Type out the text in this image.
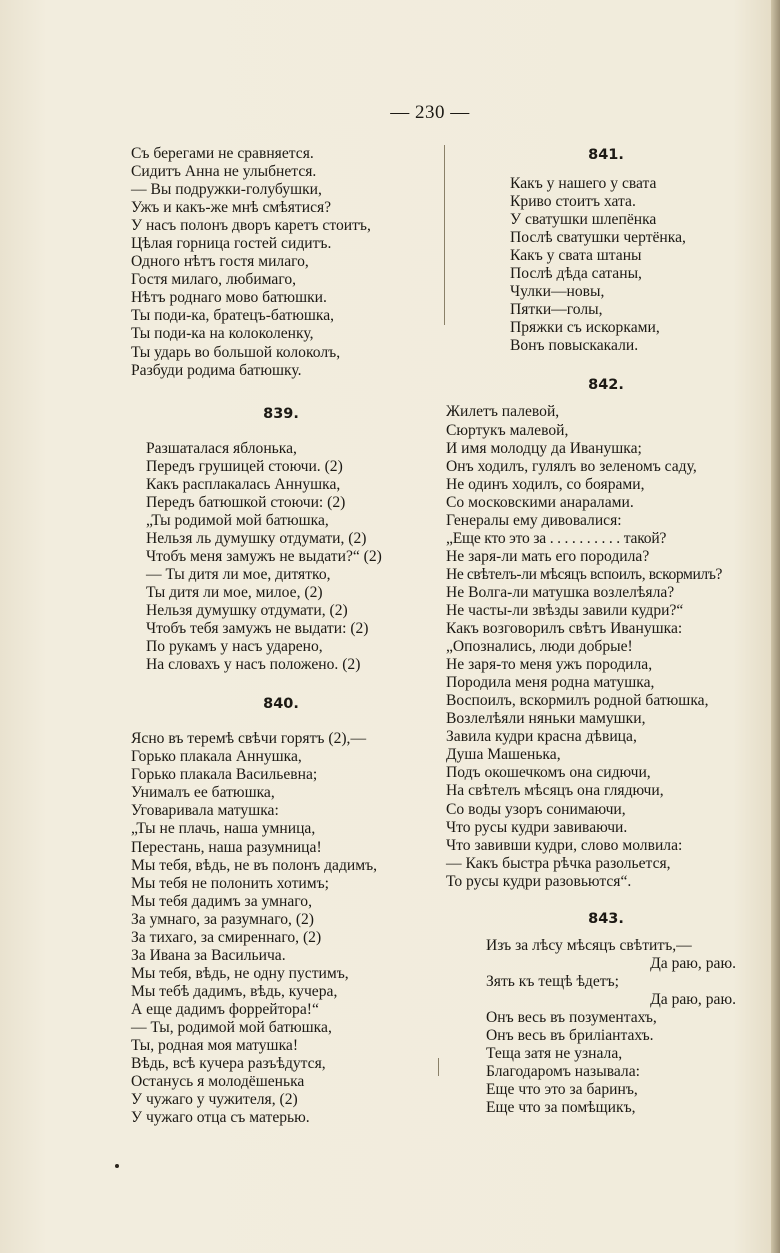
— 230 —
Съ берегами не сравняется.
Сидитъ Анна не улыбнется.
— Вы подружки-голубушки,
Ужъ и какъ-же мнѣ смѣятися?
У насъ полонъ дворъ каретъ стоитъ,
Цѣлая горница гостей сидитъ.
Одного нѣтъ гостя милаго,
Гостя милаго, любимаго,
Нѣтъ роднаго мово батюшки.
Ты поди-ка, братецъ-батюшка,
Ты поди-ка на колоколенку,
Ты ударь во большой колоколъ,
Разбуди родима батюшку.
839.
Разшаталася яблонька,
Передъ грушицей стоючи. (2)
Какъ расплакалась Аннушка,
Передъ батюшкой стоючи: (2)
„Ты родимой мой батюшка,
Нельзя ль думушку отдумати, (2)
Чтобъ меня замужъ не выдати?“ (2)
— Ты дитя ли мое, дитятко,
Ты дитя ли мое, милое, (2)
Нельзя думушку отдумати, (2)
Чтобъ тебя замужъ не выдати: (2)
По рукамъ у насъ ударено,
На словахъ у насъ положено. (2)
840.
Ясно въ теремѣ свѣчи горятъ (2),—
Горько плакала Аннушка,
Горько плакала Васильевна;
Унималъ ее батюшка,
Уговаривала матушка:
„Ты не плачь, наша умница,
Перестань, наша разумница!
Мы тебя, вѣдь, не въ полонъ дадимъ,
Мы тебя не полонить хотимъ;
Мы тебя дадимъ за умнаго,
За умнаго, за разумнаго, (2)
За тихаго, за смиреннаго, (2)
За Ивана за Васильича.
Мы тебя, вѣдь, не одну пустимъ,
Мы тебѣ дадимъ, вѣдь, кучера,
А еще дадимъ форрейтора!“
— Ты, родимой мой батюшка,
Ты, родная моя матушка!
Вѣдь, всѣ кучера разъѣдутся,
Останусь я молодёшенька
У чужаго у чужителя, (2)
У чужаго отца съ матерью.
841.
Какъ у нашего у свата
Криво стоитъ хата.
У сватушки шлепёнка
Послѣ сватушки чертёнка,
Какъ у свата штаны
Послѣ дѣда сатаны,
Чулки—новы,
Пятки—голы,
Пряжки съ искорками,
Вонъ повыскакали.
842.
Жилетъ палевой,
Сюртукъ малевой,
И имя молодцу да Иванушка;
Онъ ходилъ, гулялъ во зеленомъ саду,
Не одинъ ходилъ, со боярами,
Со московскими анаралами.
Генералы ему дивовалися:
„Еще кто это за . . . . . . . . . . такой?
Не заря-ли мать его породила?
Не свѣтелъ-ли мѣсяцъ вспоилъ, вскормилъ?
Не Волга-ли матушка возлелѣяла?
Не часты-ли звѣзды завили кудри?“
Какъ возговорилъ свѣтъ Иванушка:
„Опознались, люди добрые!
Не заря-то меня ужъ породила,
Породила меня родна матушка,
Воспоилъ, вскормилъ родной батюшка,
Возлелѣяли няньки мамушки,
Завила кудри красна дѣвица,
Душа Машенька,
Подъ окошечкомъ она сидючи,
На свѣтелъ мѣсяцъ она глядючи,
Со воды узоръ сонимаючи,
Что русы кудри завиваючи.
Что завивши кудри, слово молвила:
— Какъ быстра рѣчка разольется,
То русы кудри разовьются“.
843.
Изъ за лѣсу мѣсяцъ свѣтитъ,—
Да раю, раю.
Зять къ тещѣ ѣдетъ;
Да раю, раю.
Онъ весь въ позументахъ,
Онъ весь въ бриліантахъ.
Теща затя не узнала,
Благодаромъ называла:
Еще что это за баринъ,
Еще что за помѣщикъ,
